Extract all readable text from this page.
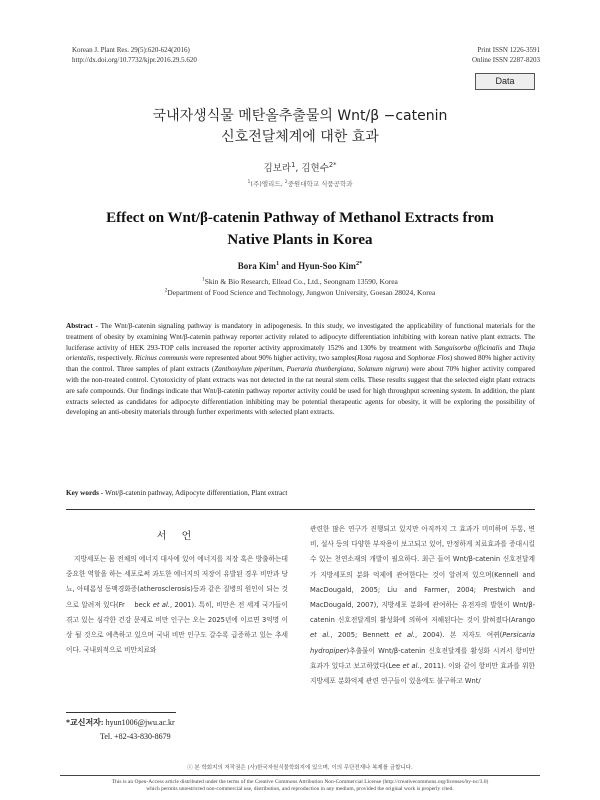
Korean J. Plant Res. 29(5):620-624(2016)
http://dx.doi.org/10.7732/kjpr.2016.29.5.620
Print ISSN 1226-3591
Online ISSN 2287-8203
Data
국내자생식물 메탄올추출물의 Wnt/β −catenin
신호전달체계에 대한 효과
김보라$^1$, 김현수$^{2*}$
$^1$(주)엘리드, $^2$중원대학교 식품공학과
Effect on Wnt/β-catenin Pathway of Methanol Extracts from
Native Plants in Korea
Bora Kim$^1$ and Hyun-Soo Kim$^{2*}$
$^1$Skin & Bio Research, Ellead Co., Ltd., Seongnam 13590, Korea
$^2$Department of Food Science and Technology, Jungwon University, Goesan 28024, Korea
Abstract - The Wnt/β-catenin signaling pathway is mandatory in adipogenesis. In this study, we investigated the applicability of functional materials for the treatment of obesity by examining Wnt/β-catenin pathway reporter activity related to adipocyte differentiation inhibiting with korean native plant extracts. The luciferase activity of HEK 293-TOP cells increased the reporter activity approximately 152% and 130% by treatment with Sanguisorba officinalis and Thuja orientalis, respectively. Ricinus communis were represented about 90% higher activity, two samples(Rosa rugosa and Sophorae Flos) showed 80% higher activity than the control. Three samples of plant extracts (Zanthoxylum piperitum, Pueraria thunbergiana, Solanum nigrum) were about 70% higher activity compared with the non-treated control. Cytotoxicity of plant extracts was not detected in the rat neural stem cells. These results suggest that the selected eight plant extracts are safe compounds. Our findings indicate that Wnt/β-catenin pathway reporter activity could be used for high throughput screening system. In addition, the plant extracts selected as candidates for adipocyte differentiation inhibiting may be potential therapeutic agents for obesity, it will be exploring the possibility of developing an anti-obesity materials through further experiments with selected plant extracts.
Key words - Wnt/β-catenin pathway, Adipocyte differentiation, Plant extract
서 언

지방세포는 몸 전체의 에너지 대사에 있어 에너지를 저장 혹은 방출하는데 중요한 역할을 하는 세포로써 과도한 에너지의 저장이 유발된 경우 비만과 당뇨, 아테롬성 동맥경화증(atherosclerosis)등과 같은 질병의 원인이 되는 것으로 알려져 있다(Fr beck et al., 2001). 특히, 비만은 전 세계 국가들이 겪고 있는 심각한 건강 문제로 비만 인구는 오는 2025년에 이르면 3억명 이상 될 것으로 예측하고 있으며 국내 비만 인구도 갈수록 급증하고 있는 추세이다. 국내외적으로 비만치료와

관련한 많은 연구가 진행되고 있지만 아직까지 그 효과가 미미하며 두통, 변비, 설사 등의 다양한 부작용이 보고되고 있어, 안정하게 치료효과를 증대시킬 수 있는 천연소재의 개발이 필요하다. 최근 들어 Wnt/β-catenin 신호전달계가 지방세포의 분화 억제에 관여한다는 것이 알려져 있으며(Kennell and MacDougald, 2005; Liu and Farmer, 2004; Prestwich and MacDougald, 2007), 지방세포 분화에 관여하는 유전자의 발현이 Wnt/β-catenin 신호전달계의 활성화에 의하여 저해된다는 것이 밝혀졌다(Arango et al., 2005; Bennett et al., 2004). 본 저자도 여뀌(Persicaria hydropiper)추출물이 Wnt/β-catenin 신호전달계를 활성화 시켜서 항비만 효과가 있다고 보고하였다(Lee et al., 2011). 이와 같이 항비만 효과를 위한 지방세포 분화억제 관련 연구들이 있음에도 불구하고 Wnt/

*교신저자: hyun1006@jwu.ac.kr
Tel. +82-43-830-8679
ⓒ 본 학회지의 저작권은 (사)한국자원식물학회지에 있으며, 이의 무단전재나 복제를 금합니다.
This is an Open-Access article distributed under the terms of the Creative Commons Attribution Non-Commercial License (http://creativecommons.org/licenses/by-nc/3.0)
which permits unrestricted non-commercial use, distribution, and reproduction in any medium, provided the original work is properly cited.
